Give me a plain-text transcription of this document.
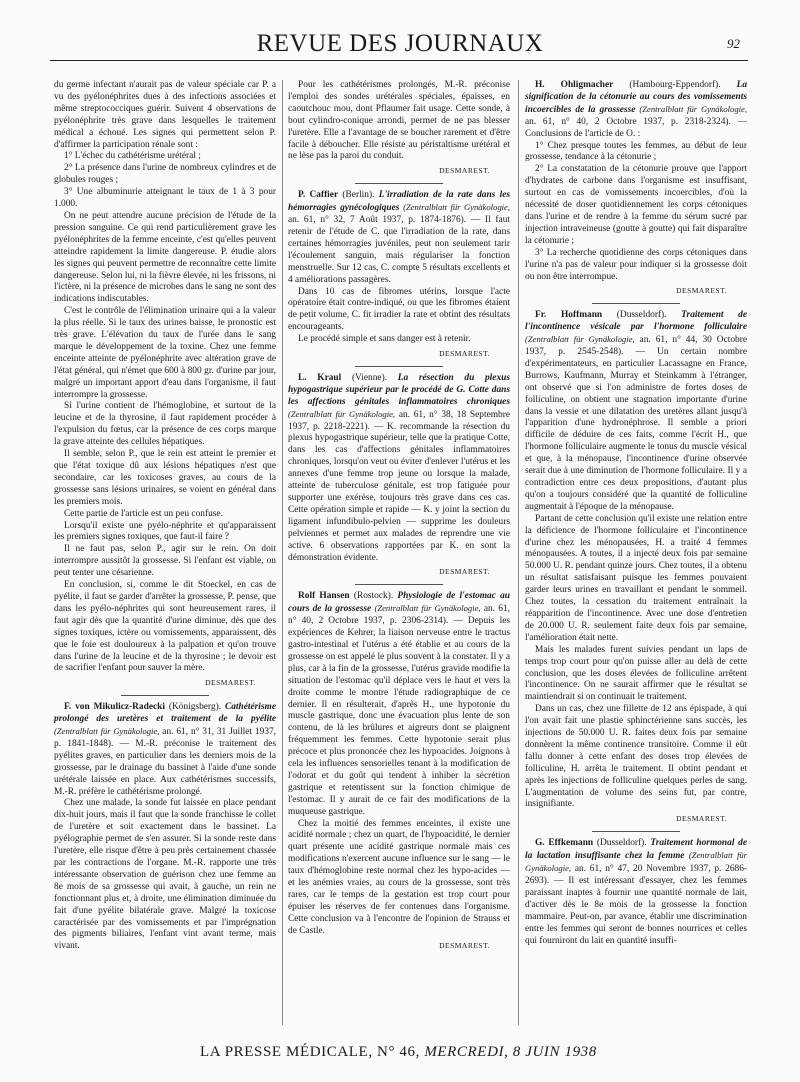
REVUE DES JOURNAUX	92

du germe infectant n'aurait pas de valeur spéciale car P. a vu des pyélonéphrites dues à des infections associées et même streptococciques guérir. Suivent 4 observations de pyélonéphrite très grave dans lesquelles le traitement médical a échoué. Les signes qui permettent selon P. d'affirmer la participation rénale sont :

1° L'échec du cathétérisme urétéral ;

2° La présence dans l'urine de nombreux cylindres et de globules rouges ;

3° Une albuminurie atteignant le taux de 1 à 3 pour 1.000.

On ne peut attendre aucune précision de l'étude de la pression sanguine. Ce qui rend particulièrement grave les pyélonéphrites de la femme enceinte, c'est qu'elles peuvent atteindre rapidement la limite dangereuse. P. étudie alors les signes qui peuvent permettre de reconnaître cette limite dangereuse. Selon lui, ni la fièvre élevée, ni les frissons, ni l'ictère, ni la présence de microbes dans le sang ne sont des indications indiscutables.

C'est le contrôle de l'élimination urinaire qui a la valeur la plus réelle. Si le taux des urines baisse, le pronostic est très grave. L'élévation du taux de l'urée dans le sang marque le développement de la toxine. Chez une femme enceinte atteinte de pyélonéphrite avec altération grave de l'état général, qui n'émet que 600 à 800 gr. d'urine par jour, malgré un important apport d'eau dans l'organisme, il faut interrompre la grossesse.

Si l'urine contient de l'hémoglobine, et surtout de la leucine et de la thyrosine, il faut rapidement procéder à l'expulsion du fœtus, car la présence de ces corps marque la grave atteinte des cellules hépatiques.

Il semble, selon P., que le rein est atteint le premier et que l'état toxique dû aux lésions hépatiques n'est que secondaire, car les toxicoses graves, au cours de la grossesse sans lésions urinaires, se voient en général dans les premiers mois.

Cette partie de l'article est un peu confuse.

Lorsqu'il existe une pyélo-néphrite et qu'apparaissent les premiers signes toxiques, que faut-il faire ?

Il ne faut pas, selon P., agir sur le rein. On doit interrompre aussitôt la grossesse. Si l'enfant est viable, on peut tenter une césarienne.

En conclusion, si, comme le dit Stoeckel, en cas de pyélite, il faut se garder d'arrêter la grossesse, P. pense, que dans les pyélo-néphrites qui sont heureusement rares, il faut agir dès que la quantité d'urine diminue, dès que des signes toxiques, ictère ou vomissements, apparaissent, dès que le foie est douloureux à la palpation et qu'on trouve dans l'urine de la leucine et de la thyrosine ; le devoir est de sacrifier l'enfant pour sauver la mère.

DESMAREST.

F. von Mikulicz-Radecki (Königsberg). Cathétérisme prolongé des uretères et traitement de la pyélite (Zentralblatt für Gynäkologie, an. 61, n° 31, 31 Juillet 1937, p. 1841-1848). — M.-R. préconise le traitement des pyélites graves, en particulier dans les derniers mois de la grossesse, par le drainage du bassinet à l'aide d'une sonde urétérale laissée en place. Aux cathétérismes successifs, M.-R. préfère le cathétérisme prolongé.

Chez une malade, la sonde fut laissée en place pendant dix-huit jours, mais il faut que la sonde franchisse le collet de l'uretère et soit exactement dans le bassinet. La pyélographie permet de s'en assurer. Si la sonde reste dans l'uretère, elle risque d'être à peu près certainement chassée par les contractions de l'organe. M.-R. rapporte une très intéressante observation de guérison chez une femme au 8e mois de sa grossesse qui avait, à gauche, un rein ne fonctionnant plus et, à droite, une élimination diminuée du fait d'une pyélite bilatérale grave. Malgré la toxicose caractérisée par des vomissements et par l'imprégnation des pigments biliaires, l'enfant vint avant terme, mais vivant.

Pour les cathétérismes prolongés, M.-R. préconise l'emploi des sondes urétérales spéciales, épaisses, en caoutchouc mou, dont Pflaumer fait usage. Cette sonde, à bout cylindro-conique arrondi, permet de ne pas blesser l'uretère. Elle a l'avantage de se boucher rarement et d'être facile à déboucher. Elle résiste au péristaltisme urétéral et ne lèse pas la paroi du conduit.

DESMAREST.

P. Caffier (Berlin). L'irradiation de la rate dans les hémorragies gynécologiques (Zentralblatt für Gynäkologie, an. 61, n° 32, 7 Août 1937, p. 1874-1876). — Il faut retenir de l'étude de C. que l'irradiation de la rate, dans certaines hémorragies juvéniles, peut non seulement tarir l'écoulement sanguin, mais régulariser la fonction menstruelle. Sur 12 cas, C. compte 5 résultats excellents et 4 améliorations passagères.

Dans 10 cas de fibromes utérins, lorsque l'acte opératoire était contre-indiqué, ou que les fibromes étaient de petit volume, C. fit irradier la rate et obtint des résultats encourageants.

Le procédé simple et sans danger est à retenir.

DESMAREST.

L. Kraul (Vienne). La résection du plexus hypogastrique supérieur par le procédé de G. Cotte dans les affections génitales inflammatoires chroniques (Zentralblatt für Gynäkologie, an. 61, n° 38, 18 Septembre 1937, p. 2218-2221). — K. recommande la résection du plexus hypogastrique supérieur, telle que la pratique Cotte, dans les cas d'affections génitales inflammatoires chroniques, lorsqu'on veut ou éviter d'enlever l'utérus et les annexes d'une femme trop jeune ou lorsque la malade, atteinte de tuberculose génitale, est trop fatiguée pour supporter une exérèse, toujours très grave dans ces cas. Cette opération simple et rapide — K. y joint la section du ligament infundibulo-pelvien — supprime les douleurs pelviennes et permet aux malades de reprendre une vie active. 6 observations rapportées par K. en sont la démonstration évidente.

DESMAREST.

Rolf Hansen (Rostock). Physiologie de l'estomac au cours de la grossesse (Zentralblatt für Gynäkologie, an. 61, n° 40, 2 Octobre 1937, p. 2306-2314). — Depuis les expériences de Kehrer, la liaison nerveuse entre le tractus gastro-intestinal et l'utérus a été établie et au cours de la grossesse on est appelé le plus souvent à la constater. Il y a plus, car à la fin de la grossesse, l'utérus gravide modifie la situation de l'estomac qu'il déplace vers le haut et vers la droite comme le montre l'étude radiographique de ce dernier. Il en résulterait, d'après H., une hypotonie du muscle gastrique, donc une évacuation plus lente de son contenu, de là les brûlures et aigreurs dont se plaignent fréquemment les femmes. Cette hypotonie serait plus précoce et plus prononcée chez les hypoacides. Joignons à cela les influences sensorielles tenant à la modification de l'odorat et du goût qui tendent à inhiber la sécrétion gastrique et retentissent sur la fonction chimique de l'estomac. Il y aurait de ce fait des modifications de la muqueuse gastrique.

Chez la moitié des femmes enceintes, il existe une acidité normale ; chez un quart, de l'hypoacidité, le dernier quart présente une acidité gastrique normale mais ces modifications n'exercent aucune influence sur le sang — le taux d'hémoglobine reste normal chez les hypo-acides — et les anémies vraies, au cours de la grossesse, sont très rares, car le temps de la gestation est trop court pour épuiser les réserves de fer contenues dans l'organisme. Cette conclusion va à l'encontre de l'opinion de Strauss et de Castle.

DESMAREST.

H. Ohligmacher (Hambourg-Eppendorf). La signification de la cétonurie au cours des vomissements incoercibles de la grossesse (Zentralblatt für Gynäkologie, an. 61, n° 40, 2 Octobre 1937, p. 2318-2324). — Conclusions de l'article de O. :

1° Chez presque toutes les femmes, au début de leur grossesse, tendance à la cétonurie ;

2° La constatation de la cétonurie prouve que l'apport d'hydrates de carbone dans l'organisme est insuffisant, surtout en cas de vomissements incoercibles, d'où la nécessité de doser quotidiennement les corps cétoniques dans l'urine et de rendre à la femme du sérum sucré par injection intraveineuse (goutte à goutte) qui fait disparaître la cétonurie ;

3° La recherche quotidienne des corps cétoniques dans l'urine n'a pas de valeur pour indiquer si la grossesse doit ou non être interrompue.

DESMAREST.

Fr. Hoffmann (Dusseldorf). Traitement de l'incontinence vésicale par l'hormone folliculaire (Zentralblatt für Gynäkologie, an. 61, n° 44, 30 Octobre 1937, p. 2545-2548). — Un certain nombre d'expérimentateurs, en particulier Lacassagne en France, Burrows, Kaufmann, Murray et Steinkamm à l'étranger, ont observé que si l'on administre de fortes doses de folliculine, on obtient une stagnation importante d'urine dans la vessie et une dilatation des uretères allant jusqu'à l'apparition d'une hydronéphrose. Il semble a priori difficile de déduire de ces faits, comme l'écrit H., que l'hormone folliculaire augmente le tonus du muscle vésical et que, à la ménopause, l'incontinence d'urine observée serait due à une diminution de l'hormone folliculaire. Il y a contradiction entre ces deux propositions, d'autant plus qu'on a toujours considéré que la quantité de folliculine augmentait à l'époque de la ménopause.

Partant de cette conclusion qu'il existe une relation entre la déficience de l'hormone folliculaire et l'incontinence d'urine chez les ménopausées, H. a traité 4 femmes ménopausées. A toutes, il a injecté deux fois par semaine 50.000 U. R. pendant quinze jours. Chez toutes, il a obtenu un résultat satisfaisant puisque les femmes pouvaient garder leurs urines en travaillant et pendant le sommeil. Chez toutes, la cessation du traitement entraînait la réapparition de l'incontinence. Avec une dose d'entretien de 20.000 U. R. seulement faite deux fois par semaine, l'amélioration était nette.

Mais les malades furent suivies pendant un laps de temps trop court pour qu'on puisse aller au delà de cette conclusion, que les doses élevées de folliculine arrêtent l'incontinence. On ne saurait affirmer que le résultat se maintiendrait si on continuait le traitement.

Dans un cas, chez une fillette de 12 ans épispade, à qui l'on avait fait une plastie sphinctérienne sans succès, les injections de 50.000 U. R. faites deux fois par semaine donnèrent la même continence transitoire. Comme il eût fallu donner à cette enfant des doses trop élevées de folliculine, H. arrêta le traitement. Il obtint pendant et après les injections de folliculine quelques perles de sang. L'augmentation de volume des seins fut, par contre, insignifiante.

DESMAREST.

G. Effkemann (Dusseldorf). Traitement hormonal de la lactation insuffisante chez la femme (Zentralblatt für Gynäkologie, an. 61, n° 47, 20 Novembre 1937, p. 2686-2693). — Il est intéressant d'essayer, chez les femmes paraissant inaptes à fournir une quantité normale de lait, d'activer dès le 8e mois de la grossesse la fonction mammaire. Peut-on, par avance, établir une discrimination entre les femmes qui seront de bonnes nourrices et celles qui fourniront du lait en quantité insuffi-

LA PRESSE MÉDICALE, N° 46, MERCREDI, 8 JUIN 1938
